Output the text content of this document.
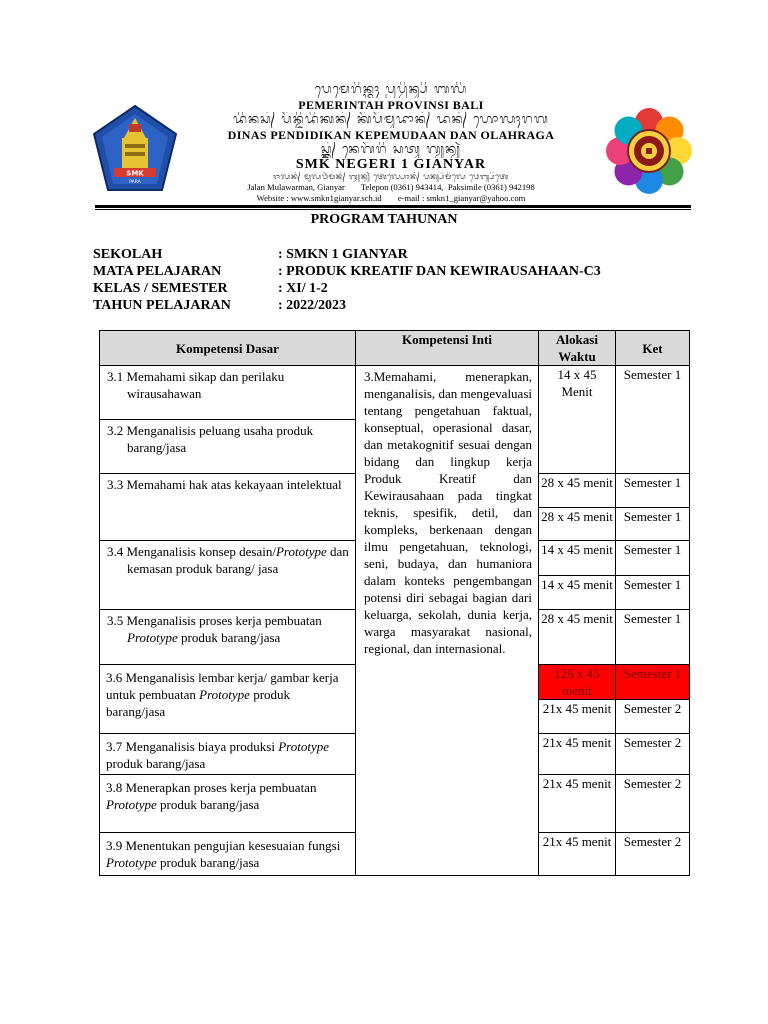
SMK
PARA
ᬧᬾᬫᬾᬭᬶᬦ᭄ᬢᬄ ᬧ᭄ᬭᬧ᭄ᬯᬶᬦ᭄ᬲᬶ ᬩᬮᬶ
PEMERINTAH PROVINSI BALI
ᬤᬶᬦᬲ᭄ ᬧᭂᬦ᭄ᬤᬶᬤᬶᬓᬦ᭄ ᬓᭂᬧᭂᬫᬸᬤᬵᬦ᭄ ᬤᬦ᭄ ᬳᭀᬮᬄᬭᬕ
DINAS PENDIDIKAN KEPEMUDAAN DAN OLAHRAGA
ᬲ᭄ᬫ᭄ᬓ᭄ ᬦᬾᬕᭂᬭᬶ ᬲᬢᬸ ᬕ᭄ᬬᬦ᭄ᬬᬃ
SMK NEGERI 1 GIANYAR
ᬚᬮᬦ᭄ ᬫᬸᬮᬯᬃᬫᬦ᭄ ᬕ᭄ᬬᬦ᭄ᬬᬃ ᬢᬾᬮ᭄ᬧᭀᬦ᭄ ᬧᬓ᭄ᬲᬶᬫᬶᬮᬾ ᬯᬾᬩ᭄ᬲᬶᬢᬾ
Jalan Mulawarman, Gianyar Telepon (0361) 943414, Paksimile (0361) 942198
Website : www.smkn1gianyar.sch.id e-mail : smkn1_gianyar@yahoo.com
PROGRAM TAHUNAN
SEKOLAH	: SMKN 1 GIANYAR
MATA PELAJARAN	: PRODUK KREATIF DAN KEWIRAUSAHAAN-C3
KELAS / SEMESTER	: XI/ 1-2
TAHUN PELAJARAN	: 2022/2023
Kompetensi Dasar	Kompetensi Inti	Alokasi Waktu	Ket
3.1 Memahami sikap dan perilaku wirausahawan	3.Memahami, menerapkan, menganalisis, dan mengevaluasi tentang pengetahuan faktual, konseptual, operasional dasar, dan metakognitif sesuai dengan bidang dan lingkup kerja Produk Kreatif dan Kewirausahaan pada tingkat teknis, spesifik, detil, dan kompleks, berkenaan dengan ilmu pengetahuan, teknologi, seni, budaya, dan humaniora dalam konteks pengembangan potensi diri sebagai bagian dari keluarga, sekolah, dunia kerja, warga masyarakat nasional, regional, dan internasional.	14 x 45 Menit	Semester 1
3.2 Menganalisis peluang usaha produk barang/jasa			
3.3 Memahami hak atas kekayaan intelektual		28 x 45 menit	Semester 1
		28 x 45 menit	Semester 1
3.4 Menganalisis konsep desain/Prototype dan kemasan produk barang/ jasa		14 x 45 menit	Semester 1
		14 x 45 menit	Semester 1
3.5 Menganalisis proses kerja pembuatan Prototype produk barang/jasa		28 x 45 menit	Semester 1
3.6 Menganalisis lembar kerja/ gambar kerja untuk pembuatan Prototype produk barang/jasa		126 x 45 menit	Semester 1
		21x 45 menit	Semester 2
3.7 Menganalisis biaya produksi Prototype produk barang/jasa		21x 45 menit	Semester 2
3.8 Menerapkan proses kerja pembuatan Prototype produk barang/jasa		21x 45 menit	Semester 2
3.9 Menentukan pengujian kesesuaian fungsi Prototype produk barang/jasa		21x 45 menit	Semester 2
